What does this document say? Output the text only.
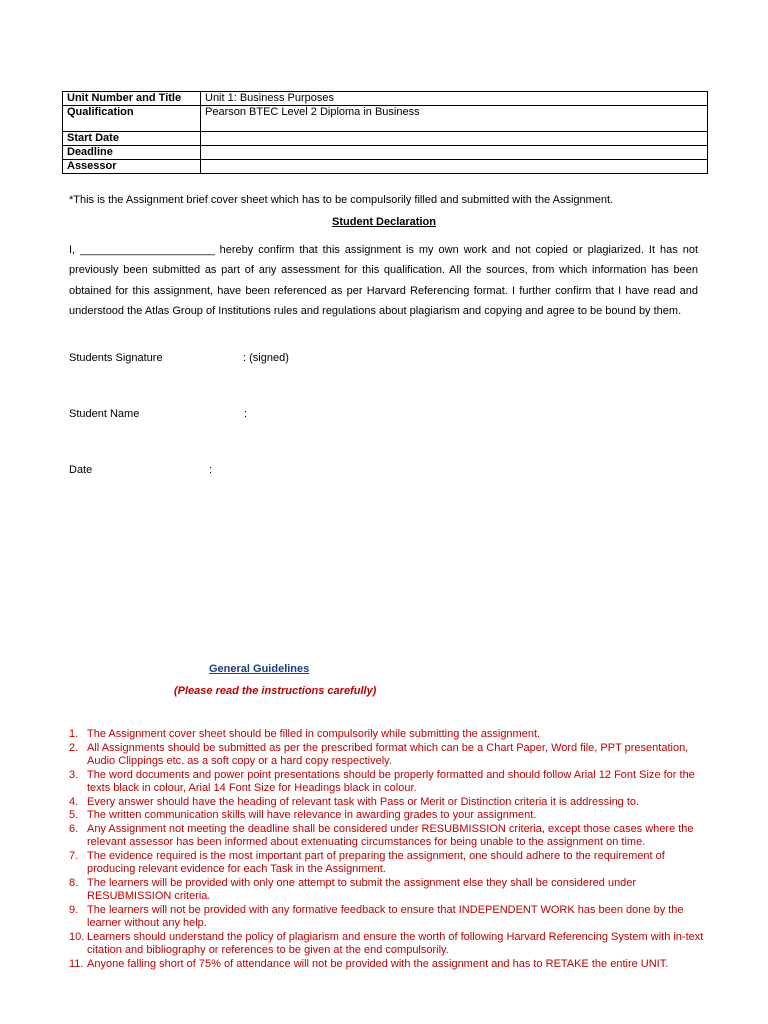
Unit Number and Title	Unit 1: Business Purposes
Qualification	Pearson BTEC Level 2 Diploma in Business
Start Date	
Deadline	
Assessor	
*This is the Assignment brief cover sheet which has to be compulsorily filled and submitted with the Assignment.
Student Declaration

I, ______________________ hereby confirm that this assignment is my own work and not copied or plagiarized. It has not previously been submitted as part of any assessment for this qualification. All the sources, from which information has been obtained for this assignment, have been referenced as per Harvard Referencing format. I further confirm that I have read and understood the Atlas Group of Institutions rules and regulations about plagiarism and copying and agree to be bound by them.

Students Signature	: (signed)
Student Name	:
Date	:
General Guidelines
(Please read the instructions carefully)
1. The Assignment cover sheet should be filled in compulsorily while submitting the assignment.
2. All Assignments should be submitted as per the prescribed format which can be a Chart Paper, Word file, PPT presentation, Audio Clippings etc. as a soft copy or a hard copy respectively.
3. The word documents and power point presentations should be properly formatted and should follow Arial 12 Font Size for the texts black in colour, Arial 14 Font Size for Headings black in colour.
4. Every answer should have the heading of relevant task with Pass or Merit or Distinction criteria it is addressing to.
5. The written communication skills will have relevance in awarding grades to your assignment.
6. Any Assignment not meeting the deadline shall be considered under RESUBMISSION criteria, except those cases where the relevant assessor has been informed about extenuating circumstances for being unable to the assignment on time.
7. The evidence required is the most important part of preparing the assignment, one should adhere to the requirement of producing relevant evidence for each Task in the Assignment.
8. The learners will be provided with only one attempt to submit the assignment else they shall be considered under RESUBMISSION criteria.
9. The learners will not be provided with any formative feedback to ensure that INDEPENDENT WORK has been done by the learner without any help.
10. Learners should understand the policy of plagiarism and ensure the worth of following Harvard Referencing System with in-text citation and bibliography or references to be given at the end compulsorily.
11. Anyone falling short of 75% of attendance will not be provided with the assignment and has to RETAKE the entire UNIT.
